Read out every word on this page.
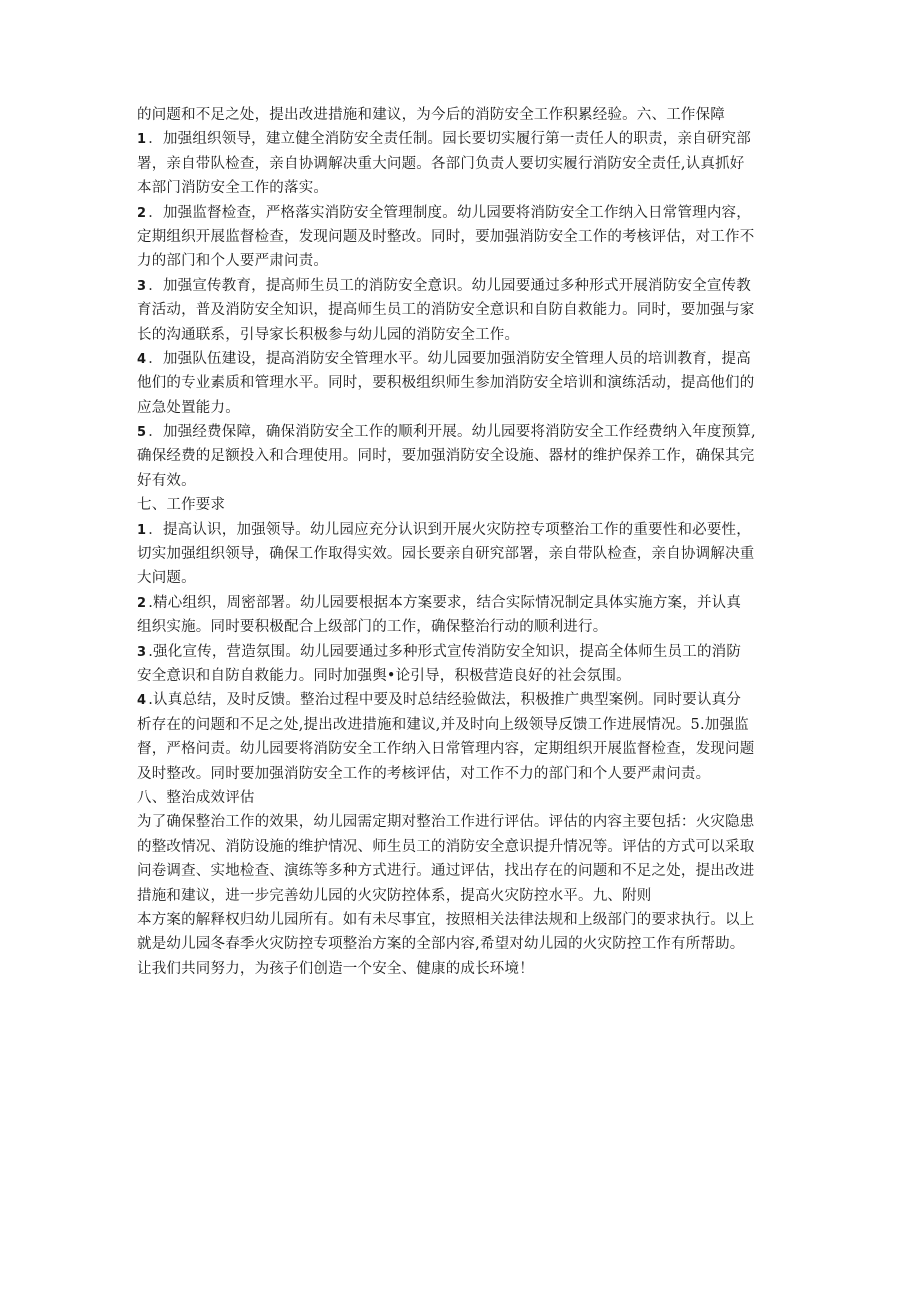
的问题和不足之处，提出改进措施和建议，为今后的消防安全工作积累经验。六、工作保障
1 ．加强组织领导，建立健全消防安全责任制。园长要切实履行第一责任人的职责，亲自研究部
署，亲自带队检查，亲自协调解决重大问题。各部门负责人要切实履行消防安全责任,认真抓好
本部门消防安全工作的落实。
2 ．加强监督检查，严格落实消防安全管理制度。幼儿园要将消防安全工作纳入日常管理内容，
定期组织开展监督检查，发现问题及时整改。同时，要加强消防安全工作的考核评估，对工作不
力的部门和个人要严肃问责。
3 ．加强宣传教育，提高师生员工的消防安全意识。幼儿园要通过多种形式开展消防安全宣传教
育活动，普及消防安全知识，提高师生员工的消防安全意识和自防自救能力。同时，要加强与家
长的沟通联系，引导家长积极参与幼儿园的消防安全工作。
4 ．加强队伍建设，提高消防安全管理水平。幼儿园要加强消防安全管理人员的培训教育，提高
他们的专业素质和管理水平。同时，要积极组织师生参加消防安全培训和演练活动，提高他们的
应急处置能力。
5 ．加强经费保障，确保消防安全工作的顺利开展。幼儿园要将消防安全工作经费纳入年度预算,
确保经费的足额投入和合理使用。同时，要加强消防安全设施、器材的维护保养工作，确保其完
好有效。
七、工作要求
1 ．提高认识，加强领导。幼儿园应充分认识到开展火灾防控专项整治工作的重要性和必要性，
切实加强组织领导，确保工作取得实效。园长要亲自研究部署，亲自带队检查，亲自协调解决重
大问题。
2 .精心组织，周密部署。幼儿园要根据本方案要求，结合实际情况制定具体实施方案，并认真
组织实施。同时要积极配合上级部门的工作，确保整治行动的顺利进行。
3 .强化宣传，营造氛围。幼儿园要通过多种形式宣传消防安全知识，提高全体师生员工的消防
安全意识和自防自救能力。同时加强舆•论引导，积极营造良好的社会氛围。
4 .认真总结，及时反馈。整治过程中要及时总结经验做法，积极推广典型案例。同时要认真分
析存在的问题和不足之处,提出改进措施和建议,并及时向上级领导反馈工作进展情况。5.加强监
督，严格问责。幼儿园要将消防安全工作纳入日常管理内容，定期组织开展监督检查，发现问题
及时整改。同时要加强消防安全工作的考核评估，对工作不力的部门和个人要严肃问责。
八、整治成效评估
为了确保整治工作的效果，幼儿园需定期对整治工作进行评估。评估的内容主要包括：火灾隐患
的整改情况、消防设施的维护情况、师生员工的消防安全意识提升情况等。评估的方式可以采取
问卷调查、实地检查、演练等多种方式进行。通过评估，找出存在的问题和不足之处，提出改进
措施和建议，进一步完善幼儿园的火灾防控体系，提高火灾防控水平。九、附则
本方案的解释权归幼儿园所有。如有未尽事宜，按照相关法律法规和上级部门的要求执行。以上
就是幼儿园冬春季火灾防控专项整治方案的全部内容,希望对幼儿园的火灾防控工作有所帮助。
让我们共同努力，为孩子们创造一个安全、健康的成长环境！
